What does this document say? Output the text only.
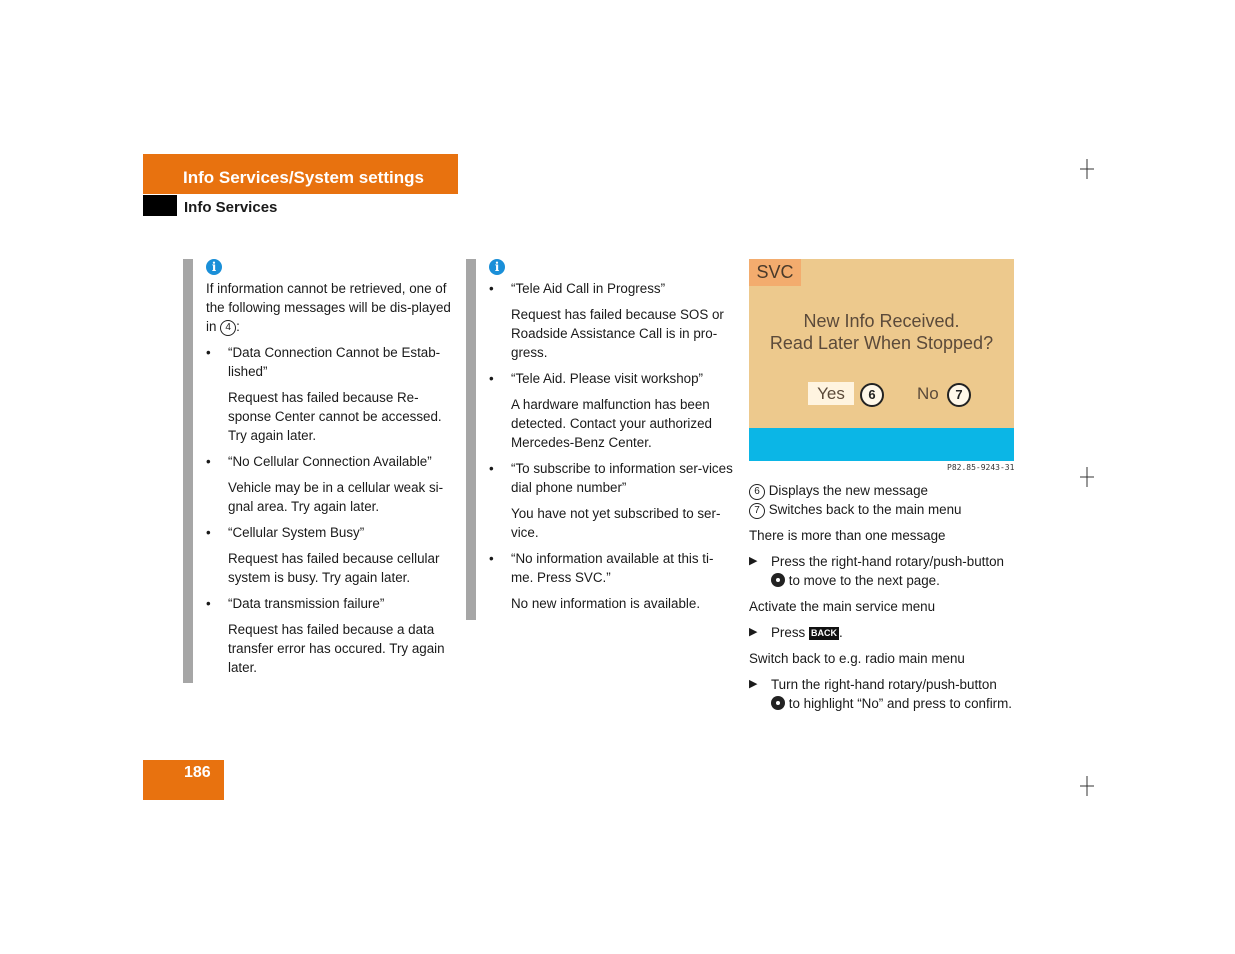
Info Services/System settings
Info Services
i

If information cannot be retrieved, one of the following messages will be dis-played in 4 :

• “Data Connection Cannot be Estab-lished”
Request has failed because Re-sponse Center cannot be accessed. Try again later.
• “No Cellular Connection Available”
Vehicle may be in a cellular weak si-gnal area. Try again later.
• “Cellular System Busy”
Request has failed because cellular system is busy. Try again later.
• “Data transmission failure”
Request has failed because a data transfer error has occured. Try again later.
i
• “Tele Aid Call in Progress”
Request has failed because SOS or Roadside Assistance Call is in pro-gress.
• “Tele Aid. Please visit workshop”
A hardware malfunction has been detected. Contact your authorized Mercedes-Benz Center.
• “To subscribe to information ser-vices dial phone number”
You have not yet subscribed to ser-vice.
• “No information available at this ti-me. Press SVC.”
No new information is available.
SVC
New Info Received.
Read Later When Stopped?
Yes	6	No	7
P82.85-9243-31
6 Displays the new message

7 Switches back to the main menu

There is more than one message

▶ Press the right-hand rotary/push-button  to move to the next page.

Activate the main service menu

▶ Press BACK .

Switch back to e.g. radio main menu

▶ Turn the right-hand rotary/push-button  to highlight “No” and press to confirm.
186
